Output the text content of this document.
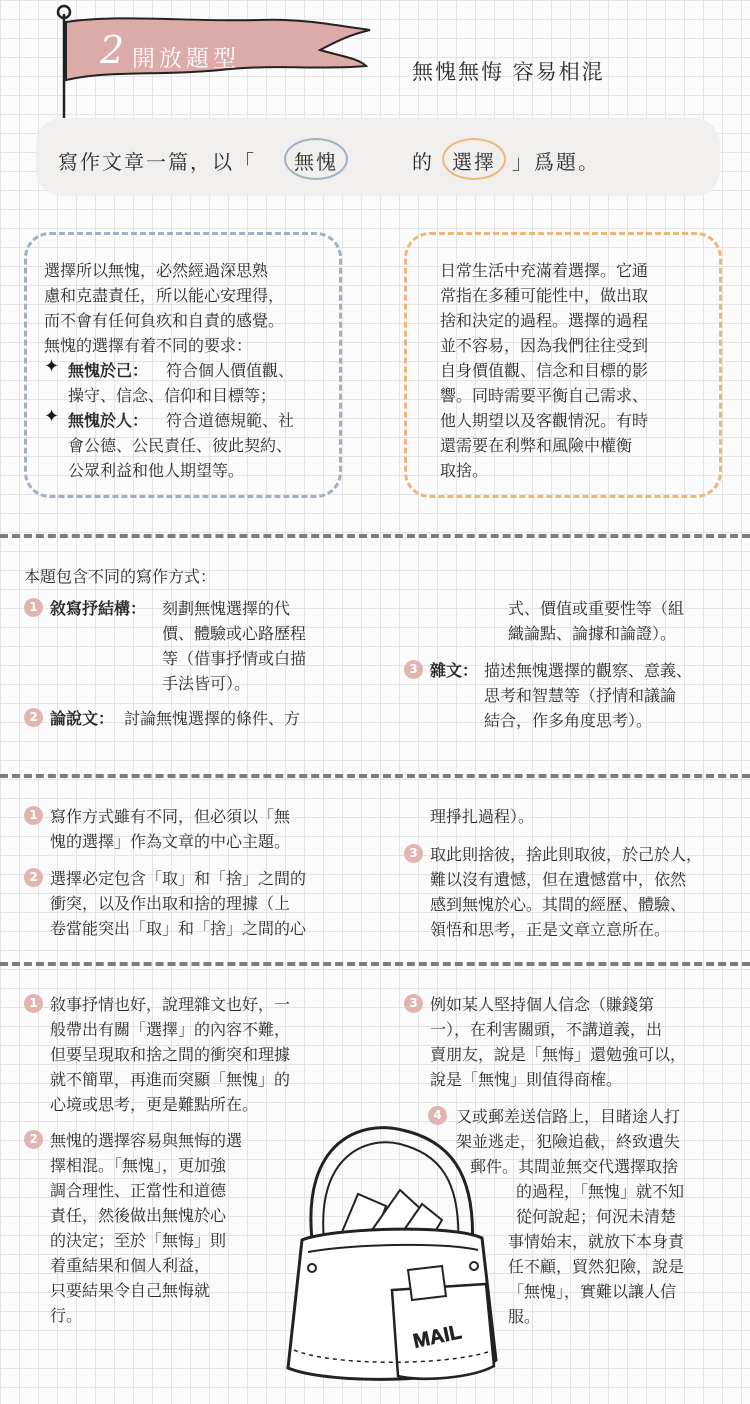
2 開放題型	無愧無悔 容易相混
寫作文章一篇，以「 無愧	的 選擇 」爲題。
選擇所以無愧，必然經過深思熟
慮和克盡責任，所以能心安理得，
而不會有任何負疚和自責的感覺。
無愧的選擇有着不同的要求：
✦ 無愧於己： 符合個人價值觀、
操守、信念、信仰和目標等；
✦ 無愧於人： 符合道德規範、社
會公德、公民責任、彼此契約、
公眾利益和他人期望等。
日常生活中充滿着選擇。它通
常指在多種可能性中，做出取
捨和決定的過程。選擇的過程
並不容易，因為我們往往受到
自身價值觀、信念和目標的影
響。同時需要平衡自己需求、
他人期望以及客觀情況。有時
還需要在利弊和風險中權衡
取捨。
本題包含不同的寫作方式：
1 敘寫抒結構： 刻劃無愧選擇的代
價、體驗或心路歷程
等（借事抒情或白描
手法皆可）。
2 論說文： 討論無愧選擇的條件、方
式、價值或重要性等（組
織論點、論據和論證）。
3 雜文： 描述無愧選擇的觀察、意義、
思考和智慧等（抒情和議論
結合，作多角度思考）。
1 寫作方式雖有不同，但必須以「無
愧的選擇」作為文章的中心主題。
2 選擇必定包含「取」和「捨」之間的
衝突，以及作出取和捨的理據（上
卷當能突出「取」和「捨」之間的心
理掙扎過程）。
3 取此則捨彼，捨此則取彼，於己於人，
難以沒有遺憾，但在遺憾當中，依然
感到無愧於心。其間的經歷、體驗、
領悟和思考，正是文章立意所在。
1 敘事抒情也好，說理雜文也好，一
般帶出有關「選擇」的內容不難，
但要呈現取和捨之間的衝突和理據
就不簡單，再進而突顯「無愧」的
心境或思考，更是難點所在。
2 無愧的選擇容易與無悔的選
擇相混。「無愧」，更加強
調合理性、正當性和道德
責任，然後做出無愧於心
的決定；至於「無悔」則
着重結果和個人利益，
只要結果令自己無悔就
行。
3 例如某人堅持個人信念（賺錢第
一），在利害關頭，不講道義，出
賣朋友，說是「無悔」還勉強可以，
說是「無愧」則值得商榷。
4 又或郵差送信路上，目睹途人打
架並逃走，犯險追截，終致遺失
郵件。其間並無交代選擇取捨
的過程，「無愧」就不知
從何說起；何況未清楚
事情始末，就放下本身責
任不顧，貿然犯險，說是
「無愧」，實難以讓人信
服。
MAIL
